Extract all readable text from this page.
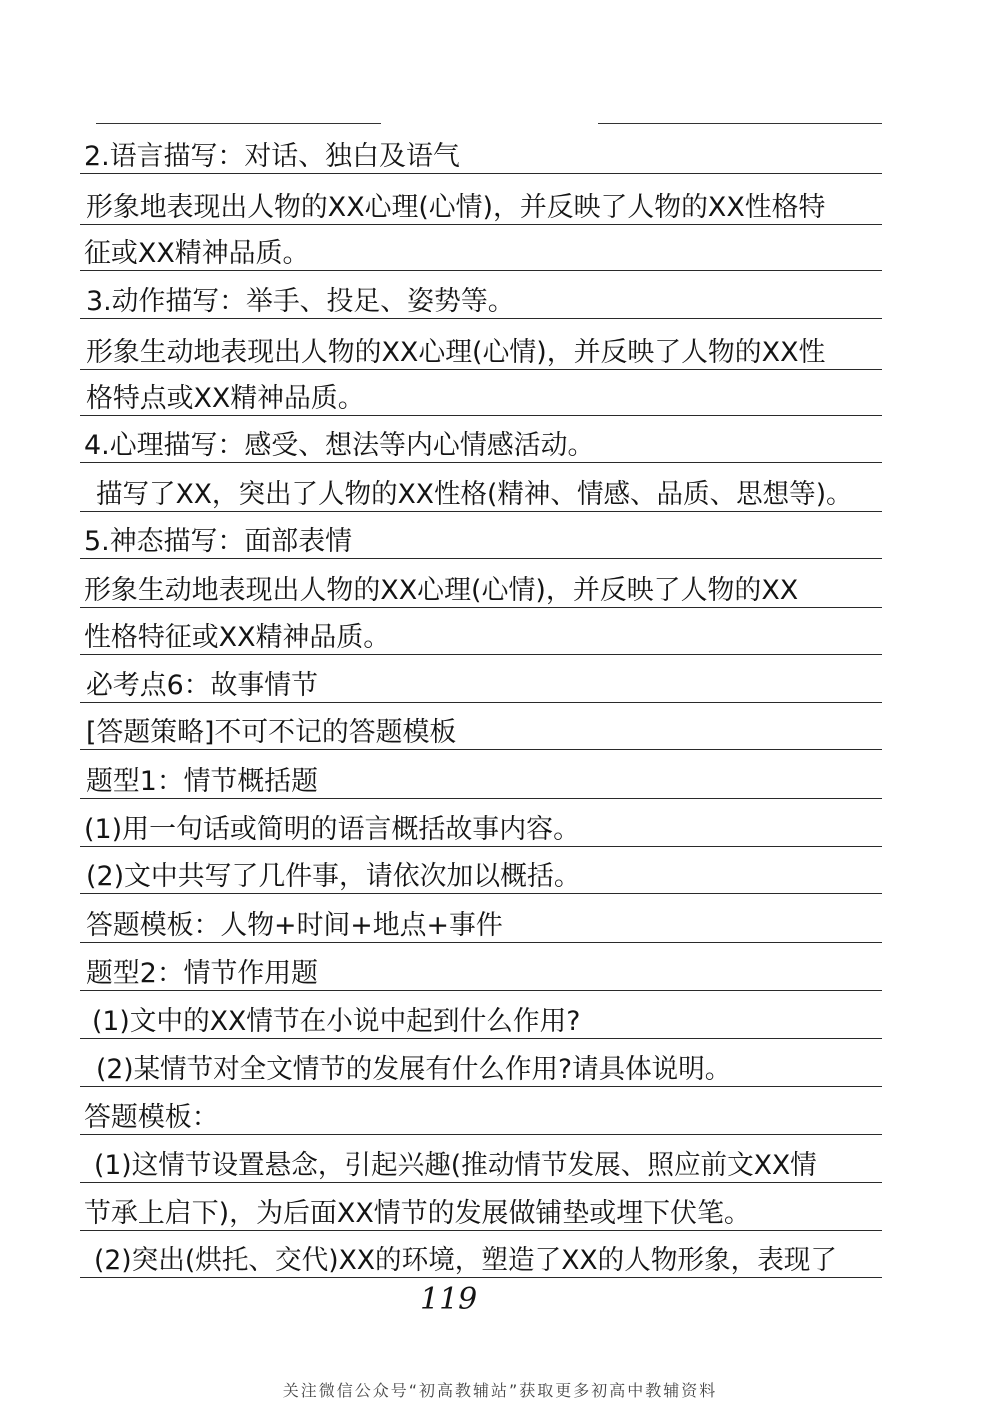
2.语言描写：对话、独白及语气
形象地表现出人物的XX心理(心情)，并反映了人物的XX性格特
征或XX精神品质。
3.动作描写：举手、投足、姿势等。
形象生动地表现出人物的XX心理(心情)，并反映了人物的XX性
格特点或XX精神品质。
4.心理描写：感受、想法等内心情感活动。
描写了XX，突出了人物的XX性格(精神、情感、品质、思想等)。
5.神态描写：面部表情
形象生动地表现出人物的XX心理(心情)，并反映了人物的XX
性格特征或XX精神品质。
必考点6：故事情节
[答题策略]不可不记的答题模板
题型1：情节概括题
(1)用一句话或简明的语言概括故事内容。
(2)文中共写了几件事，请依次加以概括。
答题模板：人物+时间+地点+事件
题型2：情节作用题
(1)文中的XX情节在小说中起到什么作用?
(2)某情节对全文情节的发展有什么作用?请具体说明。
答题模板：
(1)这情节设置悬念，引起兴趣(推动情节发展、照应前文XX情
节承上启下)，为后面XX情节的发展做铺垫或埋下伏笔。
(2)突出(烘托、交代)XX的环境，塑造了XX的人物形象，表现了
119
关注微信公众号“初高教辅站”获取更多初高中教辅资料
